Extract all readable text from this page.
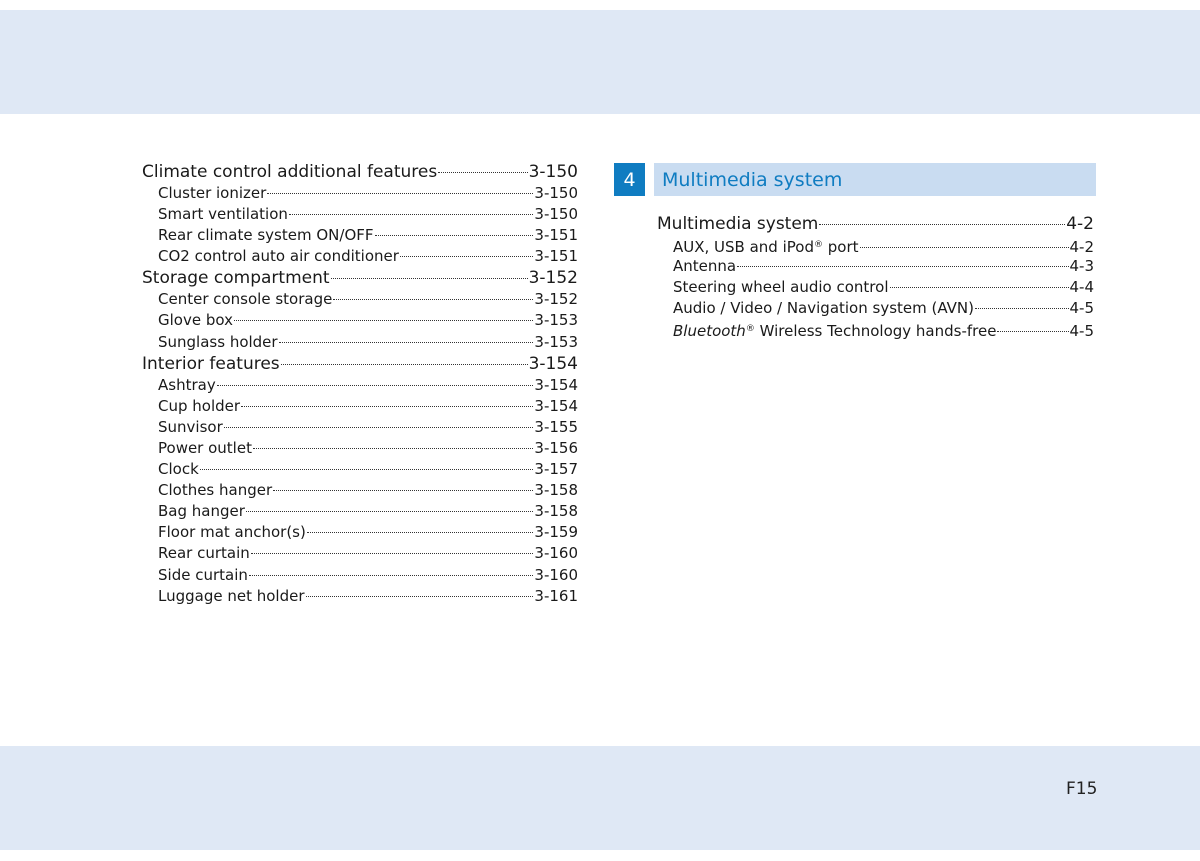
Climate control additional features	3-150
Cluster ionizer	3-150
Smart ventilation	3-150
Rear climate system ON/OFF	3-151
CO2 control auto air conditioner	3-151
Storage compartment	3-152
Center console storage	3-152
Glove box	3-153
Sunglass holder	3-153
Interior features	3-154
Ashtray	3-154
Cup holder	3-154
Sunvisor	3-155
Power outlet	3-156
Clock	3-157
Clothes hanger	3-158
Bag hanger	3-158
Floor mat anchor(s)	3-159
Rear curtain	3-160
Side curtain	3-160
Luggage net holder	3-161
4	Multimedia system
Multimedia system	4-2
AUX, USB and iPod® port	4-2
Antenna	4-3
Steering wheel audio control	4-4
Audio / Video / Navigation system (AVN)	4-5
Bluetooth® Wireless Technology hands-free	4-5
F15
